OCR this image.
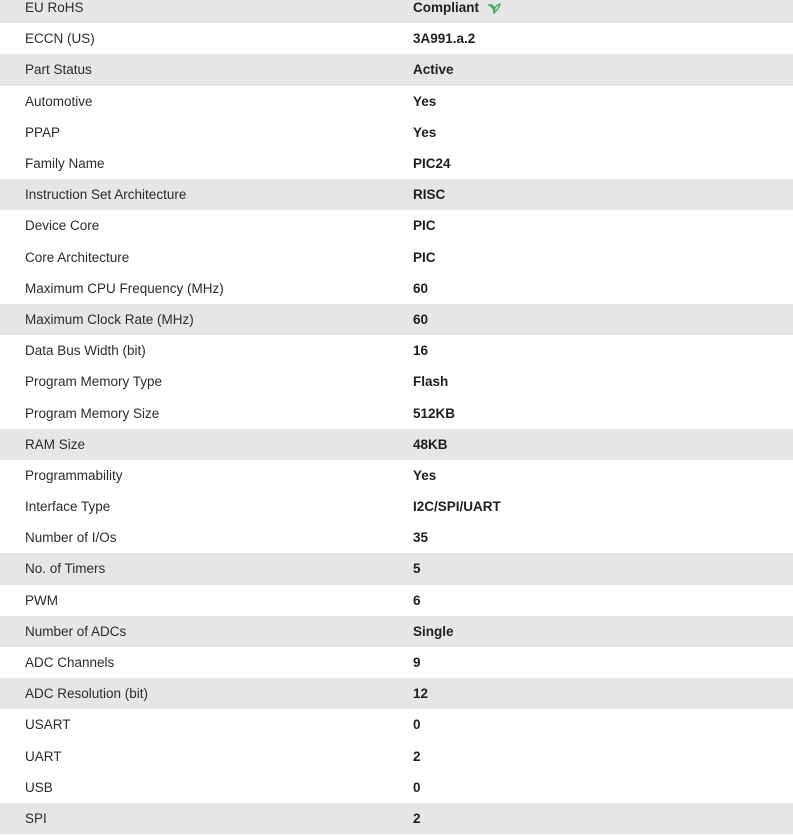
EU RoHS	Compliant
ECCN (US)	3A991.a.2
Part Status	Active
Automotive	Yes
PPAP	Yes
Family Name	PIC24
Instruction Set Architecture	RISC
Device Core	PIC
Core Architecture	PIC
Maximum CPU Frequency (MHz)	60
Maximum Clock Rate (MHz)	60
Data Bus Width (bit)	16
Program Memory Type	Flash
Program Memory Size	512KB
RAM Size	48KB
Programmability	Yes
Interface Type	I2C/SPI/UART
Number of I/Os	35
No. of Timers	5
PWM	6
Number of ADCs	Single
ADC Channels	9
ADC Resolution (bit)	12
USART	0
UART	2
USB	0
SPI	2
